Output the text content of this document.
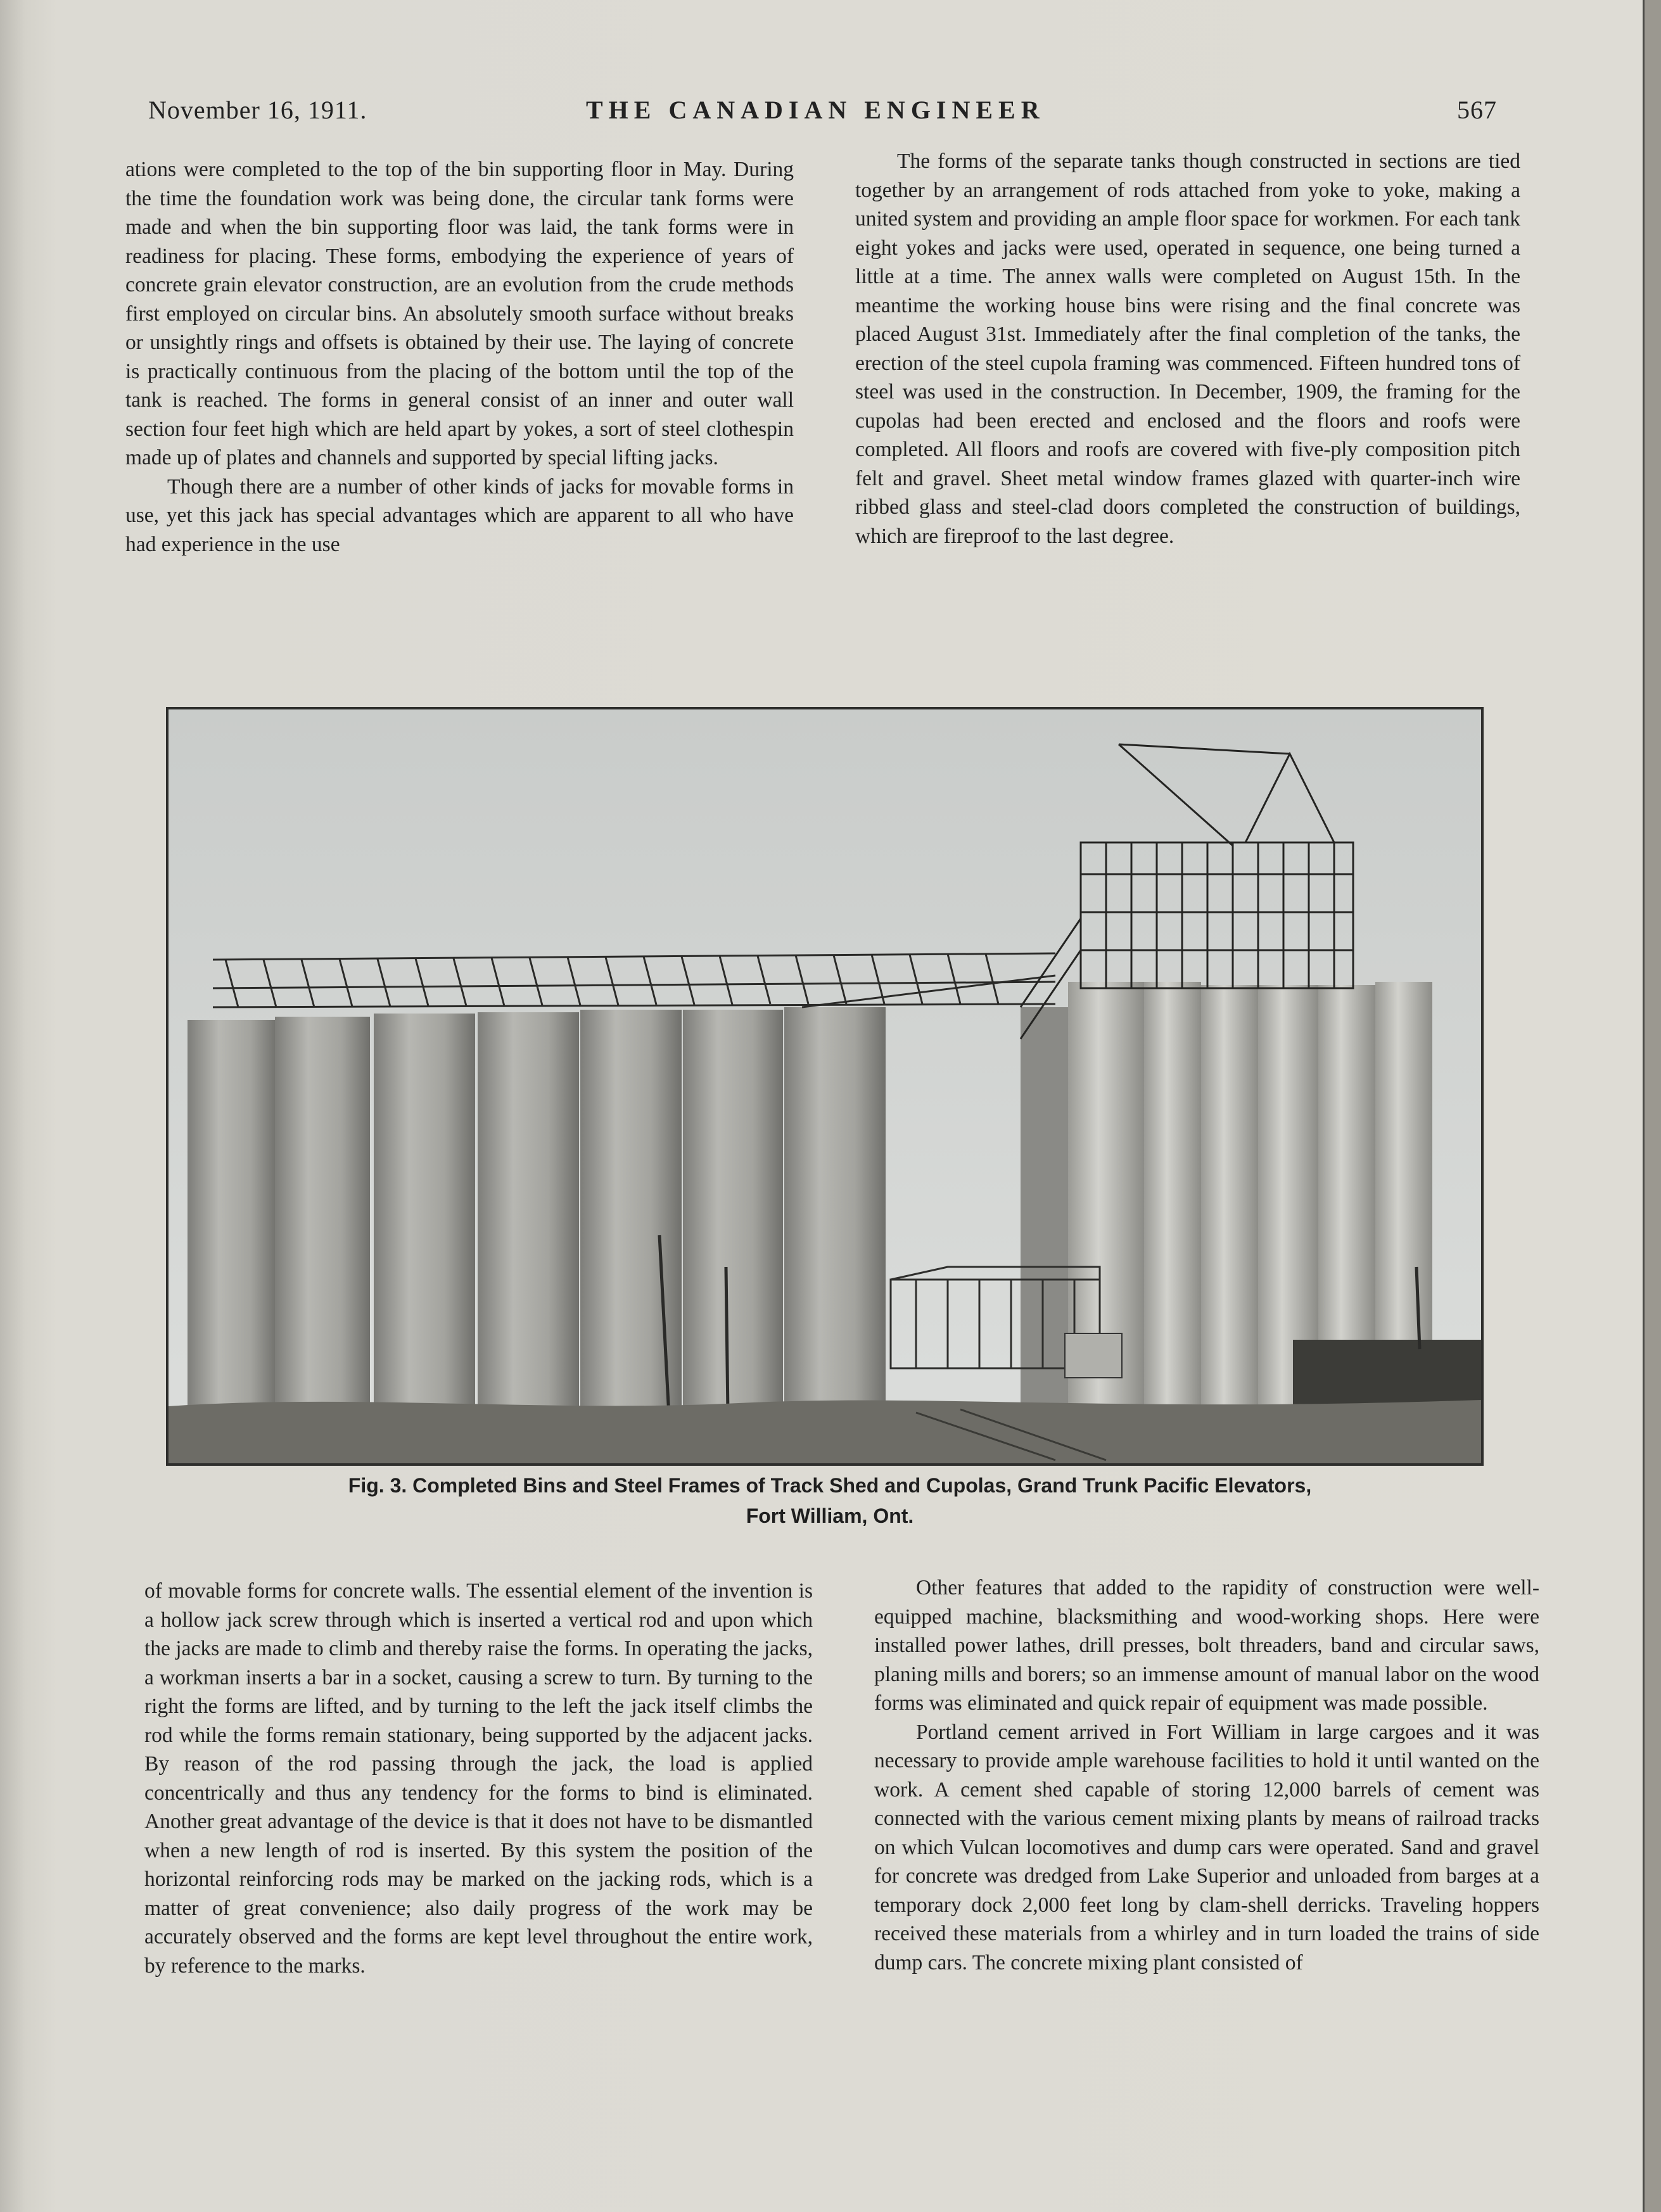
November 16, 1911.	THE CANADIAN ENGINEER	567

ations were completed to the top of the bin supporting floor in May. During the time the foundation work was being done, the circular tank forms were made and when the bin supporting floor was laid, the tank forms were in readiness for placing. These forms, embodying the experience of years of concrete grain elevator construction, are an evolution from the crude methods first employed on circular bins. An absolutely smooth surface without breaks or unsightly rings and offsets is obtained by their use. The laying of concrete is practically continuous from the placing of the bottom until the top of the tank is reached. The forms in general consist of an inner and outer wall section four feet high which are held apart by yokes, a sort of steel clothespin made up of plates and channels and supported by special lifting jacks.

Though there are a number of other kinds of jacks for movable forms in use, yet this jack has special advantages which are apparent to all who have had experience in the use

The forms of the separate tanks though constructed in sections are tied together by an arrangement of rods attached from yoke to yoke, making a united system and providing an ample floor space for workmen. For each tank eight yokes and jacks were used, operated in sequence, one being turned a little at a time. The annex walls were completed on August 15th. In the meantime the working house bins were rising and the final concrete was placed August 31st. Immediately after the final completion of the tanks, the erection of the steel cupola framing was commenced. Fifteen hundred tons of steel was used in the construction. In December, 1909, the framing for the cupolas had been erected and enclosed and the floors and roofs were completed. All floors and roofs are covered with five-ply composition pitch felt and gravel. Sheet metal window frames glazed with quarter-inch wire ribbed glass and steel-clad doors completed the construction of buildings, which are fireproof to the last degree.

Fig. 3. Completed Bins and Steel Frames of Track Shed and Cupolas, Grand Trunk Pacific Elevators,
Fort William, Ont.

of movable forms for concrete walls. The essential element of the invention is a hollow jack screw through which is inserted a vertical rod and upon which the jacks are made to climb and thereby raise the forms. In operating the jacks, a workman inserts a bar in a socket, causing a screw to turn. By turning to the right the forms are lifted, and by turning to the left the jack itself climbs the rod while the forms remain stationary, being supported by the adjacent jacks. By reason of the rod passing through the jack, the load is applied concentrically and thus any tendency for the forms to bind is eliminated. Another great advantage of the device is that it does not have to be dismantled when a new length of rod is inserted. By this system the position of the horizontal reinforcing rods may be marked on the jacking rods, which is a matter of great convenience; also daily progress of the work may be accurately observed and the forms are kept level throughout the entire work, by reference to the marks.

Other features that added to the rapidity of construction were well-equipped machine, blacksmithing and wood-working shops. Here were installed power lathes, drill presses, bolt threaders, band and circular saws, planing mills and borers; so an immense amount of manual labor on the wood forms was eliminated and quick repair of equipment was made possible.

Portland cement arrived in Fort William in large cargoes and it was necessary to provide ample warehouse facilities to hold it until wanted on the work. A cement shed capable of storing 12,000 barrels of cement was connected with the various cement mixing plants by means of railroad tracks on which Vulcan locomotives and dump cars were operated. Sand and gravel for concrete was dredged from Lake Superior and unloaded from barges at a temporary dock 2,000 feet long by clam-shell derricks. Traveling hoppers received these materials from a whirley and in turn loaded the trains of side dump cars. The concrete mixing plant consisted of
